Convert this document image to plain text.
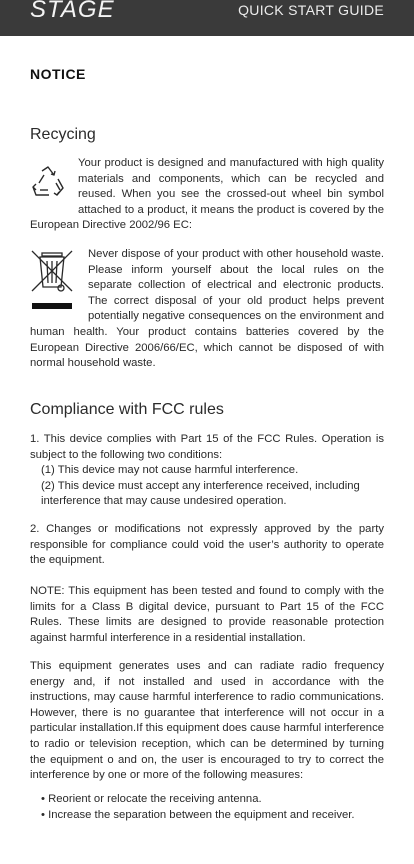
STAGE	QUICK START GUIDE
NOTICE
Recycing
Your product is designed and manufactured with high quality materials and components, which can be recycled and reused. When you see the crossed-out wheel bin symbol attached to a product, it means the product is covered by the European Directive 2002/96 EC:
Never dispose of your product with other household waste. Please inform yourself about the local rules on the separate collection of electrical and electronic products. The correct disposal of your old product helps prevent potentially negative consequences on the environment and human health. Your product contains batteries covered by the European Directive 2006/66/EC, which cannot be disposed of with normal household waste.
Compliance with FCC rules
1. This device complies with Part 15 of the FCC Rules. Operation is subject to the following two conditions:
(1) This device may not cause harmful interference.
(2) This device must accept any interference received, including interference that may cause undesired operation.
2. Changes or modifications not expressly approved by the party responsible for compliance could void the user’s authority to operate the equipment.
NOTE: This equipment has been tested and found to comply with the limits for a Class B digital device, pursuant to Part 15 of the FCC Rules. These limits are designed to provide reasonable protection against harmful interference in a residential installation.
This equipment generates uses and can radiate radio frequency energy and, if not installed and used in accordance with the instructions, may cause harmful interference to radio communications. However, there is no guarantee that interference will not occur in a particular installation.If this equipment does cause harmful interference to radio or television reception, which can be determined by turning the equipment o and on, the user is encouraged to try to correct the interference by one or more of the following measures:
• Reorient or relocate the receiving antenna.
• Increase the separation between the equipment and receiver.
